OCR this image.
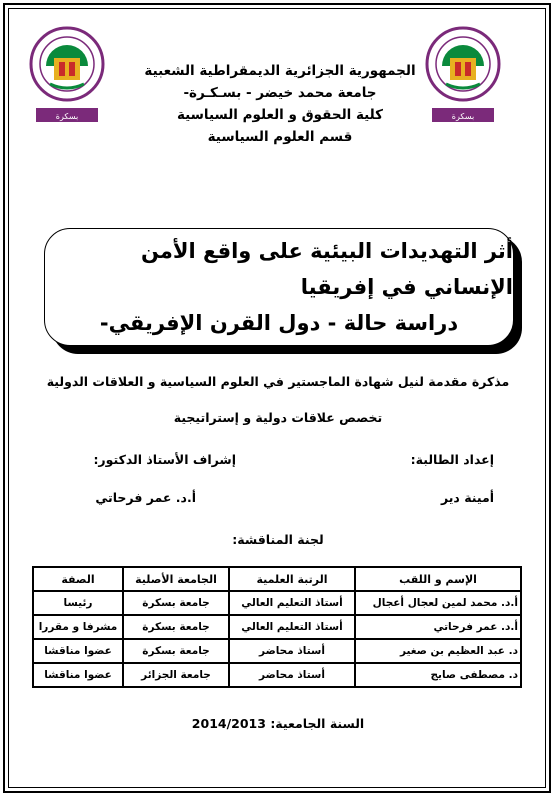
بسكرة	بسكرة
الجمهورية الجزائرية الديمقراطية الشعبية
جامعة محمد خيضر - بسـكـرة-
كلية الحقوق و العلوم السياسية
قسم العلوم السياسية
أثر التهديدات البيئية على واقع الأمن الإنساني في إفريقيا
دراسة حالة - دول القرن الإفريقي-
مذكرة مقدمة لنيل شهادة الماجستير في العلوم السياسية و العلاقات الدولية
تخصص علاقات دولية و إستراتيجية
إعداد الطالبة:
إشراف الأستاذ الدكتور:
أمينة دير
أ.د. عمر فرحاتي
لجنة المناقشة:
الإسم و اللقب	الرتبة العلمية	الجامعة الأصلية	الصفة
أ.د. محمد لمين لعجال أعجال	أستاذ التعليم العالي	جامعة بسكرة	رئيسا
أ.د. عمر فرحاتي	أستاذ التعليم العالي	جامعة بسكرة	مشرفا و مقررا
د. عبد العظيم بن صغير	أستاذ محاضر	جامعة بسكرة	عضوا مناقشا
د. مصطفى صايج	أستاذ محاضر	جامعة الجزائر	عضوا مناقشا
السنة الجامعية: 2014/2013
